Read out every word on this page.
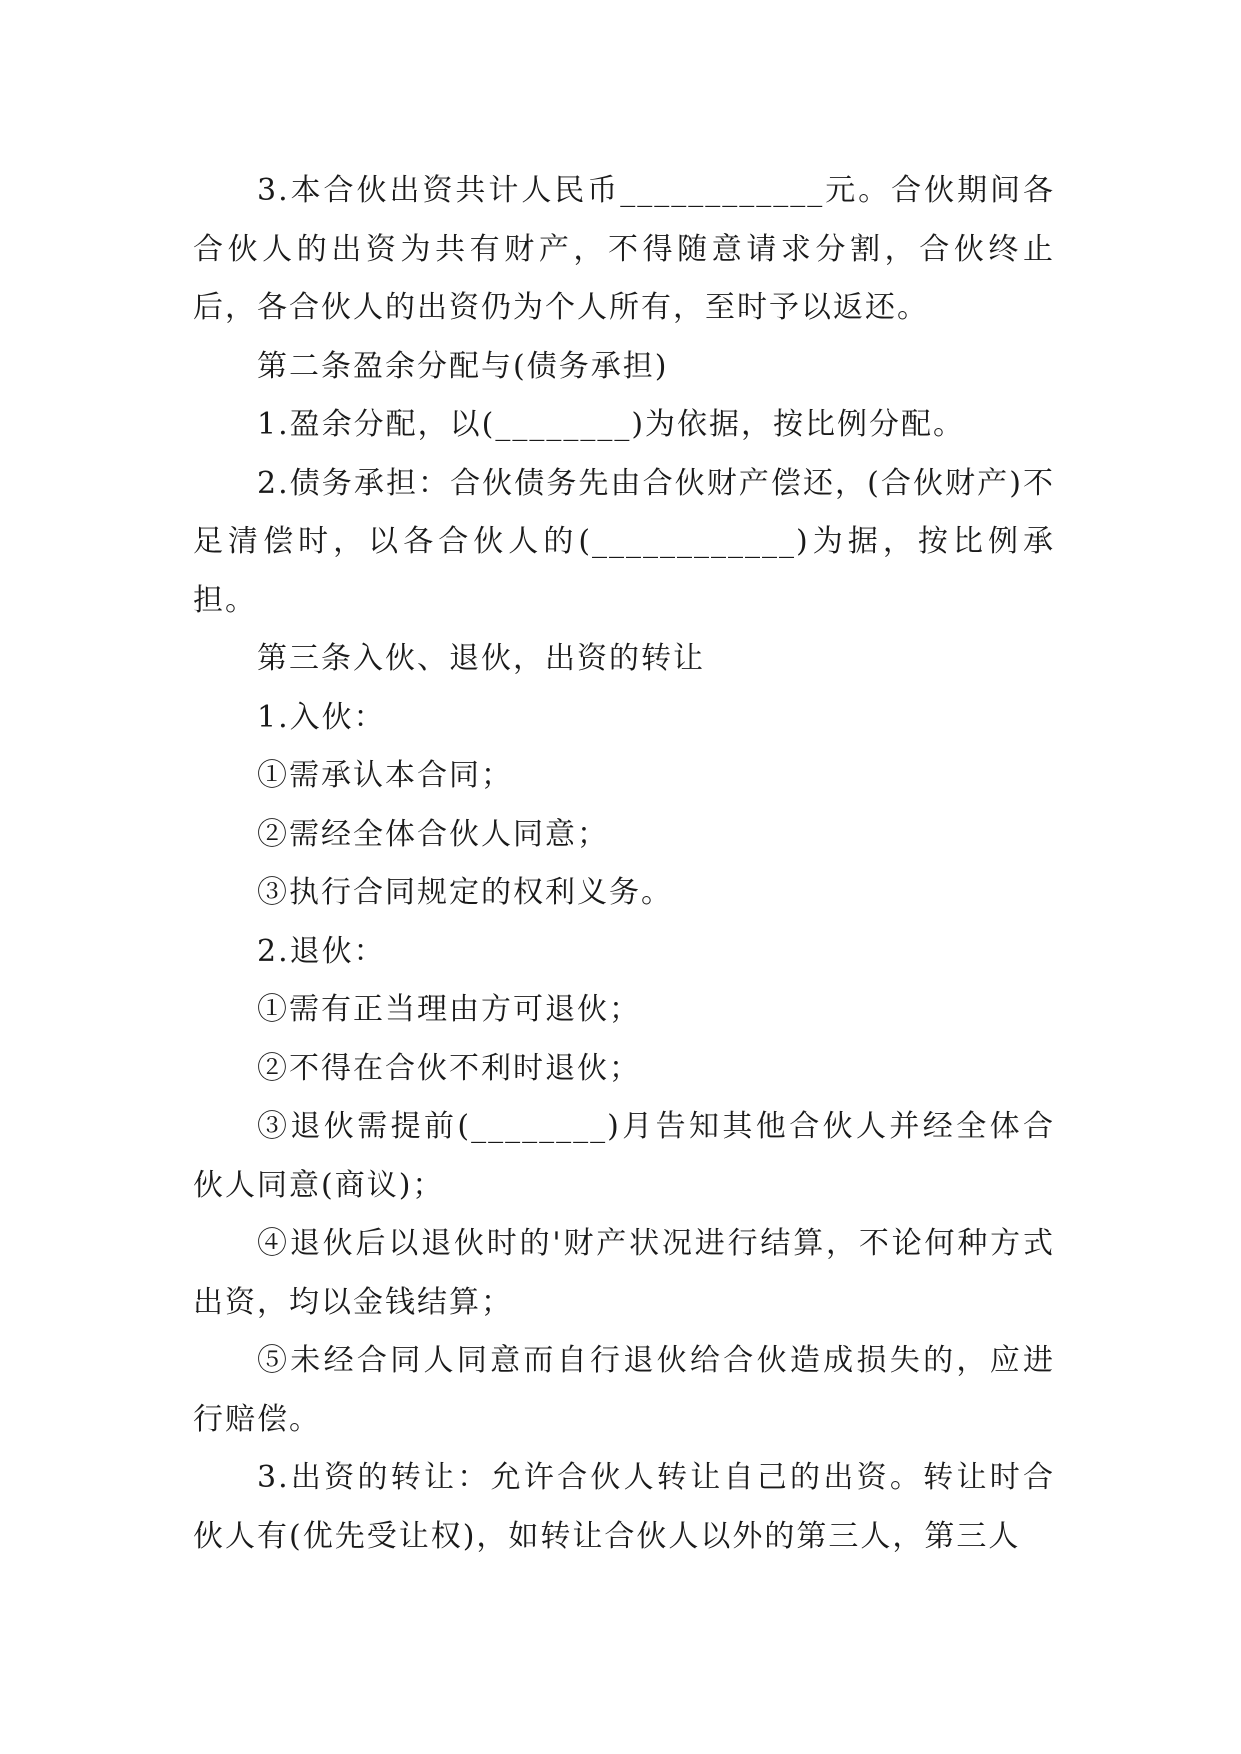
3.本合伙出资共计人民币____________元。合伙期间各合伙人的出资为共有财产，不得随意请求分割，合伙终止后，各合伙人的出资仍为个人所有，至时予以返还。

第二条盈余分配与(债务承担)

1.盈余分配，以(________)为依据，按比例分配。

2.债务承担：合伙债务先由合伙财产偿还，(合伙财产)不足清偿时，以各合伙人的(____________)为据，按比例承担。

第三条入伙、退伙，出资的转让

1.入伙：

①需承认本合同；

②需经全体合伙人同意；

③执行合同规定的权利义务。

2.退伙：

①需有正当理由方可退伙；

②不得在合伙不利时退伙；

③退伙需提前(________)月告知其他合伙人并经全体合伙人同意(商议)；

④退伙后以退伙时的'财产状况进行结算，不论何种方式出资，均以金钱结算；

⑤未经合同人同意而自行退伙给合伙造成损失的，应进行赔偿。

3.出资的转让：允许合伙人转让自己的出资。转让时合伙人有(优先受让权)，如转让合伙人以外的第三人，第三人
